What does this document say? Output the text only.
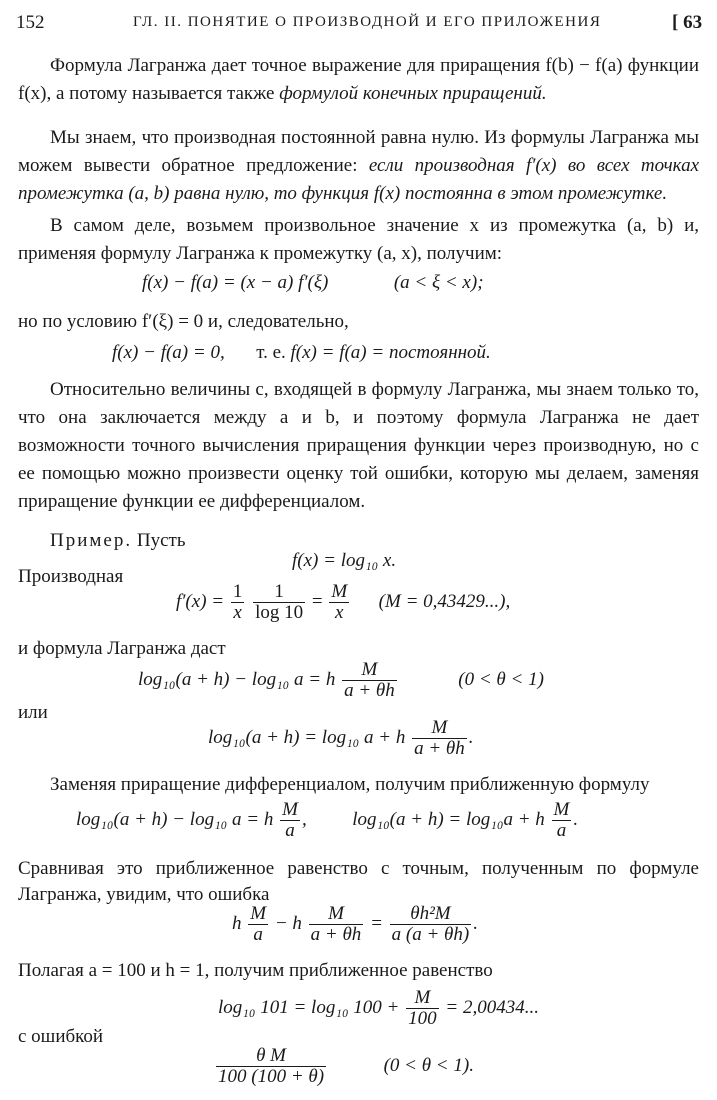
152	ГЛ. II. ПОНЯТИЕ О ПРОИЗВОДНОЙ И ЕГО ПРИЛОЖЕНИЯ	[ 63
Формула Лагранжа дает точное выражение для приращения f(b) − f(a) функции f(x), а потому называется также формулой конечных приращений.
Мы знаем, что производная постоянной равна нулю. Из формулы Лагранжа мы можем вывести обратное предложение: если производная f′(x) во всех точках промежутка (a, b) равна нулю, то функция f(x) постоянна в этом промежутке.
В самом деле, возьмем произвольное значение x из промежутка (a, b) и, применяя формулу Лагранжа к промежутку (a, x), получим:
f(x) − f(a) = (x − a) f′(ξ)	(a < ξ < x);
но по условию f′(ξ) = 0 и, следовательно,
f(x) − f(a) = 0, т. е. f(x) = f(a) = постоянной.
Относительно величины c, входящей в формулу Лагранжа, мы знаем только то, что она заключается между a и b, и поэтому формула Лагранжа не дает возможности точного вычисления приращения функции через производную, но с ее помощью можно произвести оценку той ошибки, которую мы делаем, заменяя приращение функции ее дифференциалом.
Пример. Пусть
f(x) = log₁₀ x.
Производная
$f'(x) = \frac{1}{x}$
$\frac{1}{\log 10} = \frac{M}{x} (M = 0,43429...)$,
и формула Лагранжа даст
log₁₀(a + h) − log₁₀ a = h $\frac{M}{a + \theta h}$	(0 < θ < 1)
или
log₁₀(a + h) = log₁₀ a + h $\frac{M}{a + \theta h}$ .
Заменяя приращение дифференциалом, получим приближенную формулу
log₁₀(a + h) − log₁₀ a = h $\frac{M}{a}$ , log₁₀(a + h) = log₁₀a + h $\frac{M}{a}$ .
Сравнивая это приближенное равенство с точным, полученным по формуле Лагранжа, увидим, что ошибка
h $\frac{M}{a} - h \frac{M}{a + \theta h} = \frac{\text{θh²M}}{a (a + \theta h)}$ .
Полагая a = 100 и h = 1, получим приближенное равенство
log₁₀ 101 = log₁₀ $100 + \frac{M}{100} = 2,00434$...
с ошибкой
$\frac{\text{θ M}}{100 (100 + \theta)}$	(0 < θ < 1).
